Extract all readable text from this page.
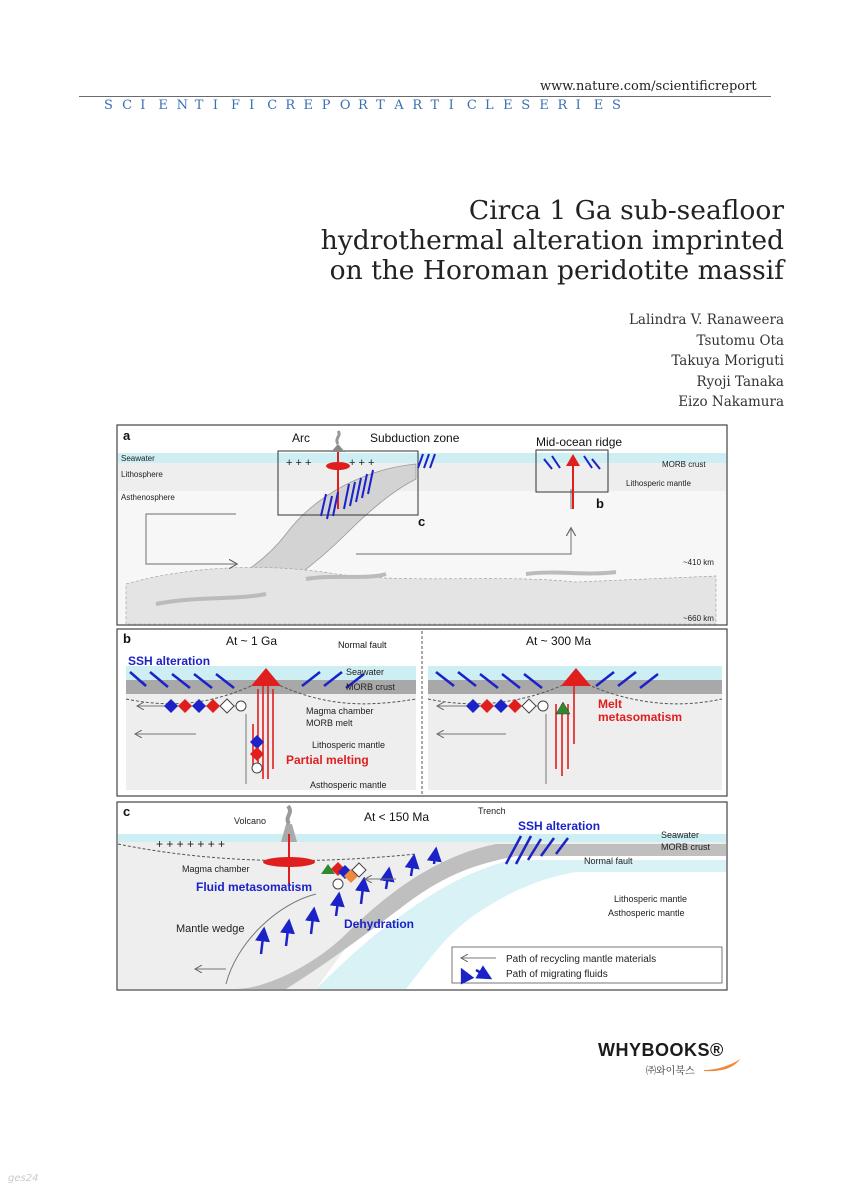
www.nature.com/scientificreport
S C I E N T I F I C R E P O R T A R T I C L E S E R I E S
Circa 1 Ga sub-seafloor
hydrothermal alteration imprinted
on the Horoman peridotite massif
Lalindra V. Ranaweera
Tsutomu Ota
Takuya Moriguti
Ryoji Tanaka
Eizo Nakamura
+ + +	+ + +
a	Arc	Subduction zone	Mid-ocean ridge
Seawater
Lithosphere
Asthenosphere
MORB crust
Lithosperic mantle
b
c
~410 km
~660 km
b	At ~ 1 Ga	At ~ 300 Ma
Normal fault
SSH alteration
Seawater
MORB crust
Magma chamber
MORB melt
Lithosperic mantle
Partial melting
Asthosperic mantle
Melt
metasomatism
+ + + + + + +
c	At < 150 Ma
Volcano
Trench
SSH alteration
Seawater
MORB crust
Normal fault
Magma chamber
Fluid metasomatism
Lithosperic mantle
Asthosperic mantle
Mantle wedge	Dehydration
Path of recycling mantle materials
Path of migrating fluids
WHYBOOKS®
㈜와이북스
ges24
